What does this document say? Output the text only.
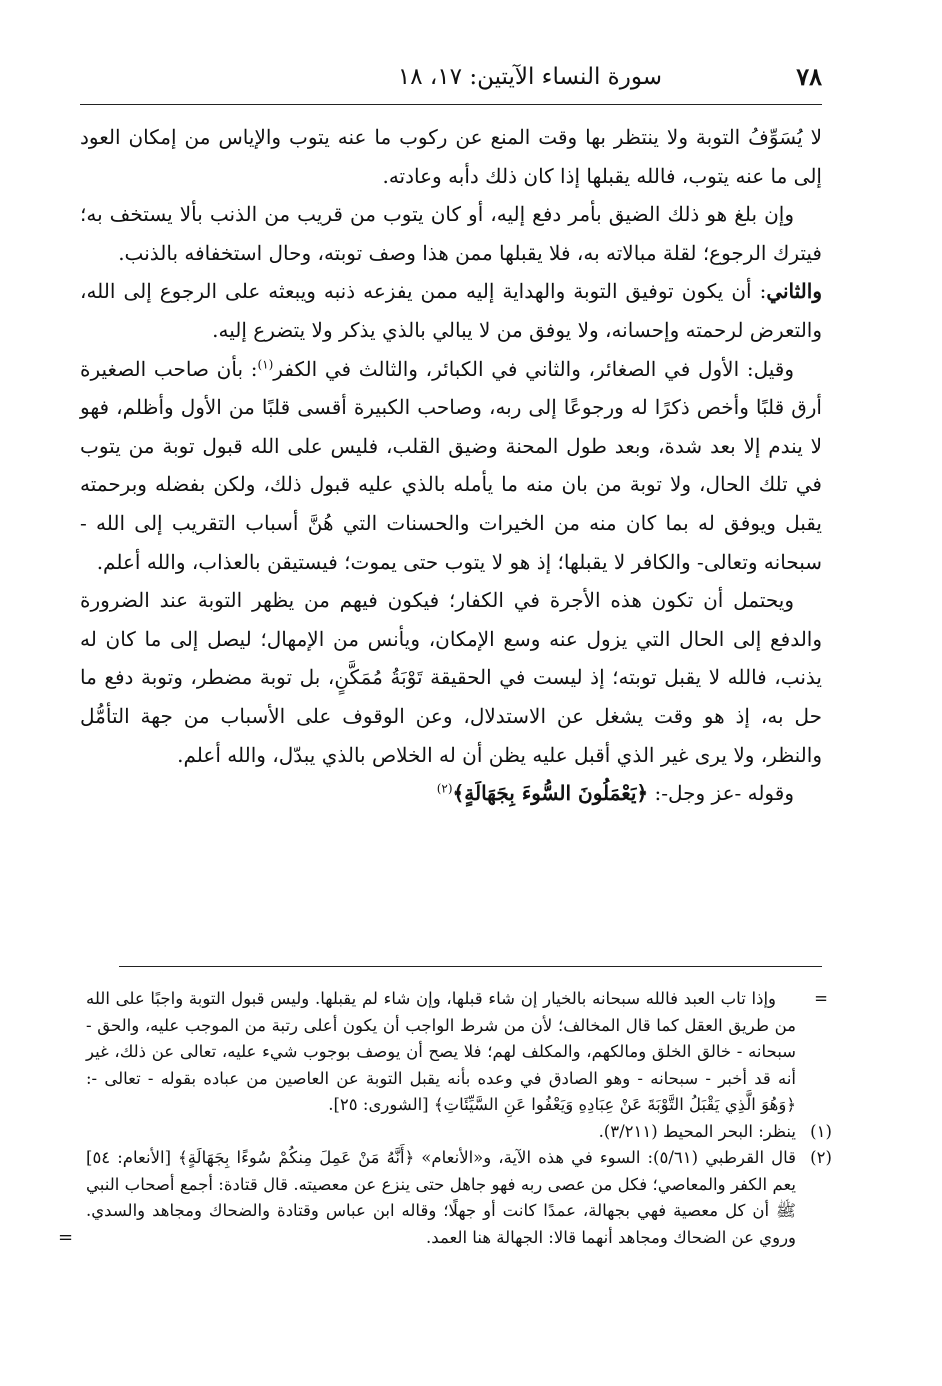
٧٨
سورة النساء الآيتين: ١٧، ١٨

لا يُسَوِّفُ التوبة ولا ينتظر بها وقت المنع عن ركوب ما عنه يتوب والإياس من إمكان العود إلى ما عنه يتوب، فالله يقبلها إذا كان ذلك دأبه وعادته.

وإن بلغ هو ذلك الضيق بأمر دفع إليه، أو كان يتوب من قريب من الذنب بألا يستخف به؛ فيترك الرجوع؛ لقلة مبالاته به، فلا يقبلها ممن هذا وصف توبته، وحال استخفافه بالذنب.

والثاني: أن يكون توفيق التوبة والهداية إليه ممن يفزعه ذنبه ويبعثه على الرجوع إلى الله، والتعرض لرحمته وإحسانه، ولا يوفق من لا يبالي بالذي يذكر ولا يتضرع إليه.

وقيل: الأول في الصغائر، والثاني في الكبائر، والثالث في الكفر$^{(١)}$: بأن صاحب الصغيرة أرق قلبًا وأخص ذكرًا له ورجوعًا إلى ربه، وصاحب الكبيرة أقسى قلبًا من الأول وأظلم، فهو لا يندم إلا بعد شدة، وبعد طول المحنة وضيق القلب، فليس على الله قبول توبة من يتوب في تلك الحال، ولا توبة من بان منه ما يأمله بالذي عليه قبول ذلك، ولكن بفضله وبرحمته يقبل ويوفق له بما كان منه من الخيرات والحسنات التي هُنَّ أسباب التقريب إلى الله - سبحانه وتعالى- والكافر لا يقبلها؛ إذ هو لا يتوب حتى يموت؛ فيستيقن بالعذاب، والله أعلم.

ويحتمل أن تكون هذه الأجرة في الكفار؛ فيكون فيهم من يظهر التوبة عند الضرورة والدفع إلى الحال التي يزول عنه وسع الإمكان، ويأنس من الإمهال؛ ليصل إلى ما كان له يذنب، فالله لا يقبل توبته؛ إذ ليست في الحقيقة تَوْبَةُ مُمَكَّنٍ، بل توبة مضطر، وتوبة دفع ما حل به، إذ هو وقت يشغل عن الاستدلال، وعن الوقوف على الأسباب من جهة التأمُّل والنظر، ولا يرى غير الذي أقبل عليه يظن أن له الخلاص بالذي يبدّل، والله أعلم.

وقوله -عز وجل-: ﴿يَعْمَلُونَ السُّوءَ بِجَهَالَةٍ﴾$^{(٢)}$

=
وإذا تاب العبد فالله سبحانه بالخيار إن شاء قبلها، وإن شاء لم يقبلها. وليس قبول التوبة واجبًا على الله من طريق العقل كما قال المخالف؛ لأن من شرط الواجب أن يكون أعلى رتبة من الموجب عليه، والحق - سبحانه - خالق الخلق ومالكهم، والمكلف لهم؛ فلا يصح أن يوصف بوجوب شيء عليه، تعالى عن ذلك، غير أنه قد أخبر - سبحانه - وهو الصادق في وعده بأنه يقبل التوبة عن العاصين من عباده بقوله - تعالى -: ﴿وَهُوَ الَّذِي يَقْبَلُ التَّوْبَةَ عَنْ عِبَادِهِ وَيَعْفُوا عَنِ السَّيِّئَاتِ﴾ [الشورى: ٢٥].
(١)
ينظر: البحر المحيط (٣/٢١١).
(٢)
قال القرطبي (٥/٦١): السوء في هذه الآية، و«الأنعام» ﴿أَنَّهُ مَنْ عَمِلَ مِنكُمْ سُوءًا بِجَهَالَةٍ﴾ [الأنعام: ٥٤] يعم الكفر والمعاصي؛ فكل من عصى ربه فهو جاهل حتى ينزع عن معصيته. قال قتادة: أجمع أصحاب النبي ﷺ أن كل معصية فهي بجهالة، عمدًا كانت أو جهلًا؛ وقاله ابن عباس وقتادة والضحاك ومجاهد والسدي. وروي عن الضحاك ومجاهد أنهما قالا: الجهالة هنا العمد.
=
